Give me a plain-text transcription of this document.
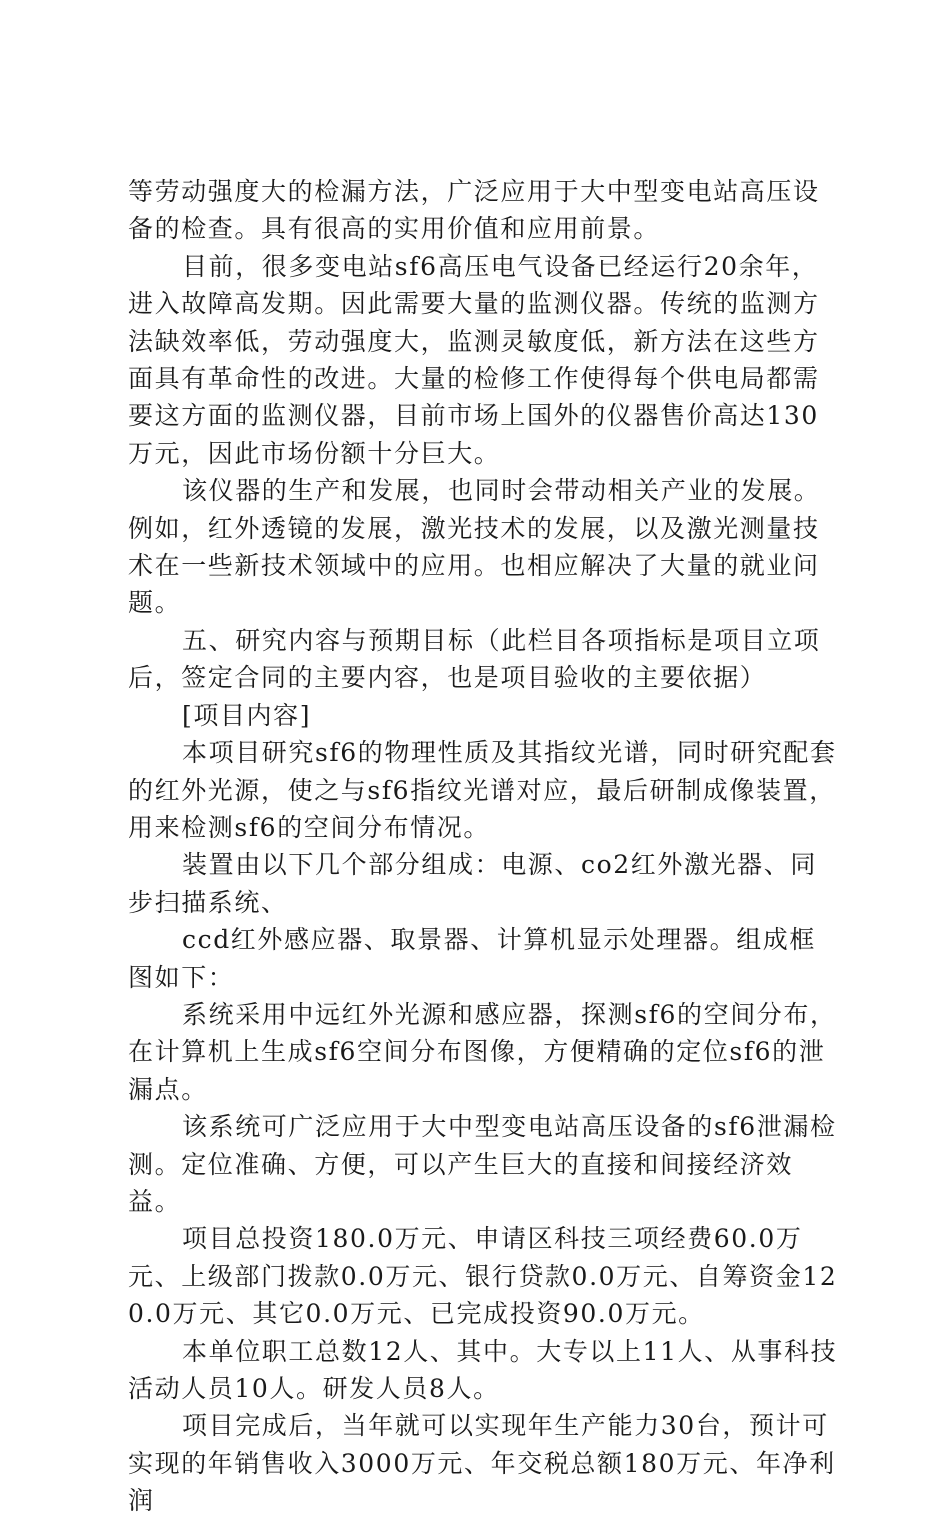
等劳动强度大的检漏方法，广泛应用于大中型变电站高压设备的检查。具有很高的实用价值和应用前景。

目前，很多变电站sf6高压电气设备已经运行20余年，进入故障高发期。因此需要大量的监测仪器。传统的监测方法缺效率低，劳动强度大，监测灵敏度低，新方法在这些方面具有革命性的改进。大量的检修工作使得每个供电局都需要这方面的监测仪器，目前市场上国外的仪器售价高达130万元，因此市场份额十分巨大。

该仪器的生产和发展，也同时会带动相关产业的发展。例如，红外透镜的发展，激光技术的发展，以及激光测量技术在一些新技术领域中的应用。也相应解决了大量的就业问题。

五、研究内容与预期目标（此栏目各项指标是项目立项后，签定合同的主要内容，也是项目验收的主要依据）

[项目内容]

本项目研究sf6的物理性质及其指纹光谱，同时研究配套的红外光源，使之与sf6指纹光谱对应，最后研制成像装置，用来检测sf6的空间分布情况。

装置由以下几个部分组成：电源、co2红外激光器、同步扫描系统、

ccd红外感应器、取景器、计算机显示处理器。组成框图如下：

系统采用中远红外光源和感应器，探测sf6的空间分布，在计算机上生成sf6空间分布图像，方便精确的定位sf6的泄漏点。

该系统可广泛应用于大中型变电站高压设备的sf6泄漏检测。定位准确、方便，可以产生巨大的直接和间接经济效益。

项目总投资180.0万元、申请区科技三项经费60.0万元、上级部门拨款0.0万元、银行贷款0.0万元、自筹资金120.0万元、其它0.0万元、已完成投资90.0万元。

本单位职工总数12人、其中。大专以上11人、从事科技活动人员10人。研发人员8人。

项目完成后，当年就可以实现年生产能力30台，预计可实现的年销售收入3000万元、年交税总额180万元、年净利润
